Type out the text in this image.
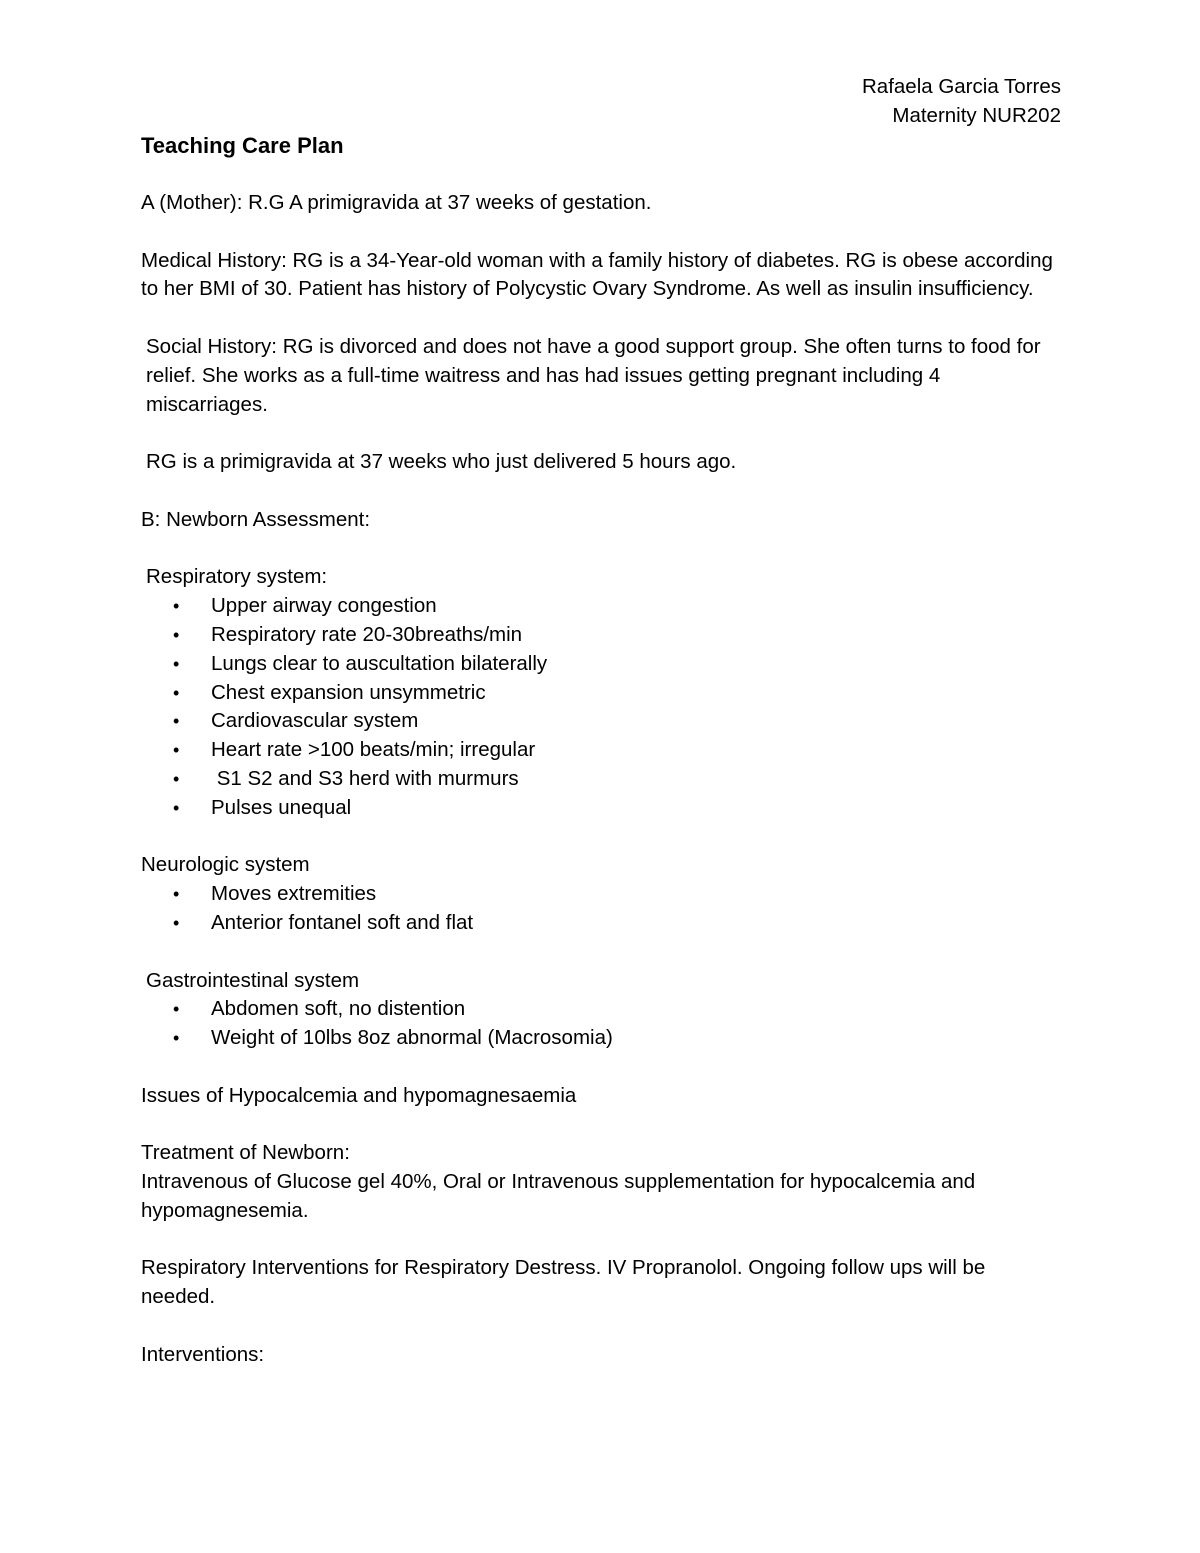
Rafaela Garcia Torres
Maternity NUR202
Teaching Care Plan

A (Mother): R.G A primigravida at 37 weeks of gestation.

Medical History: RG is a 34-Year-old woman with a family history of diabetes. RG is obese according to her BMI of 30. Patient has history of Polycystic Ovary Syndrome. As well as insulin insufficiency.

Social History: RG is divorced and does not have a good support group. She often turns to food for relief. She works as a full-time waitress and has had issues getting pregnant including 4 miscarriages.

RG is a primigravida at 37 weeks who just delivered 5 hours ago.

B: Newborn Assessment:

Respiratory system:
• Upper airway congestion
• Respiratory rate 20-30breaths/min
• Lungs clear to auscultation bilaterally
• Chest expansion unsymmetric
• Cardiovascular system
• Heart rate >100 beats/min; irregular
• S1 S2 and S3 herd with murmurs
• Pulses unequal
Neurologic system
• Moves extremities
• Anterior fontanel soft and flat
Gastrointestinal system
• Abdomen soft, no distention
• Weight of 10lbs 8oz abnormal (Macrosomia)

Issues of Hypocalcemia and hypomagnesaemia

Treatment of Newborn:

Intravenous of Glucose gel 40%, Oral or Intravenous supplementation for hypocalcemia and hypomagnesemia.

Respiratory Interventions for Respiratory Destress. IV Propranolol. Ongoing follow ups will be needed.

Interventions:
